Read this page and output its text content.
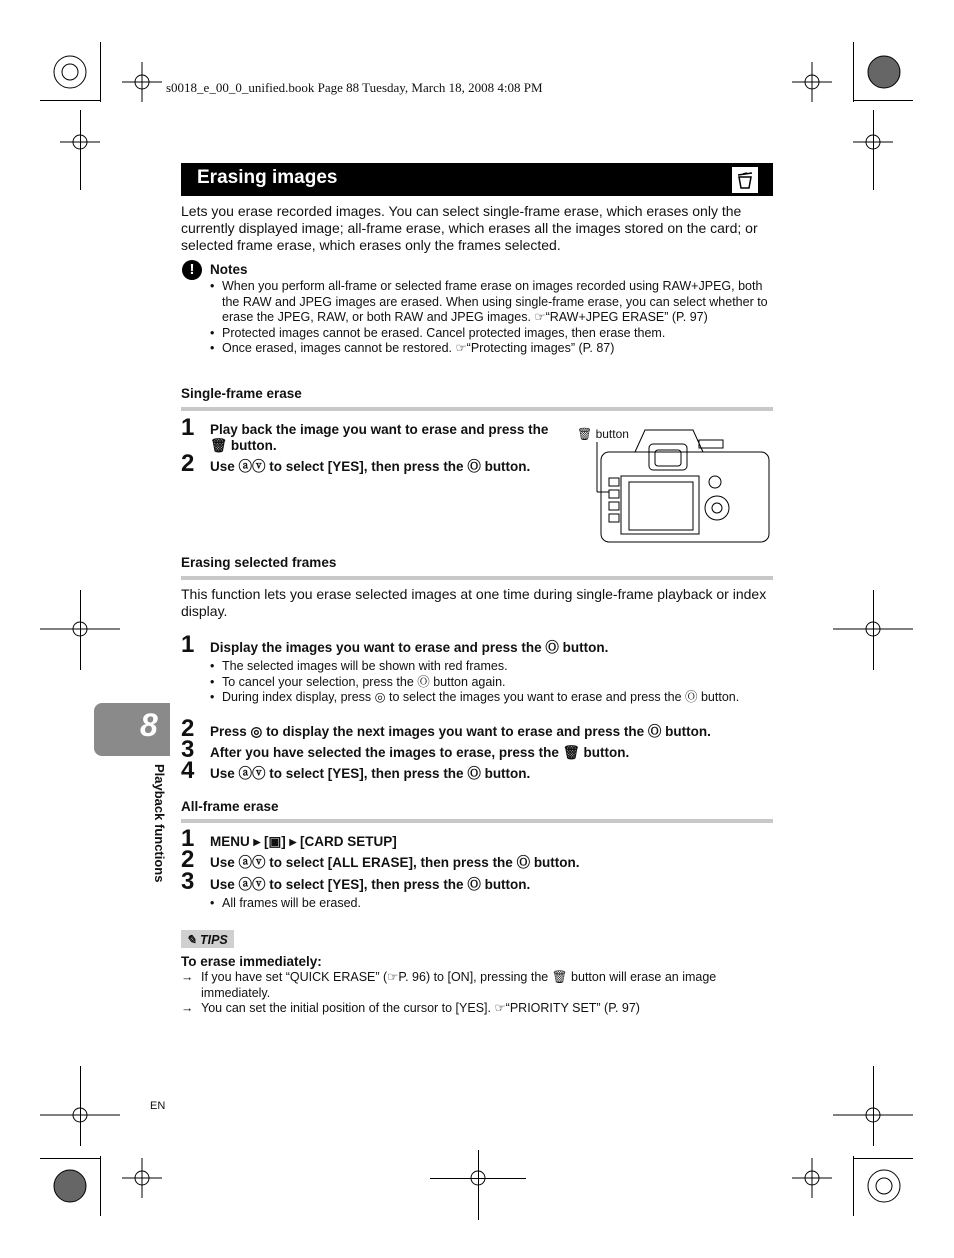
s0018_e_00_0_unified.book Page 88 Tuesday, March 18, 2008 4:08 PM
Erasing images
Lets you erase recorded images. You can select single-frame erase, which erases only the currently displayed image; all-frame erase, which erases all the images stored on the card; or selected frame erase, which erases only the frames selected.
!	Notes
• When you perform all-frame or selected frame erase on images recorded using RAW+JPEG, both the RAW and JPEG images are erased. When using single-frame erase, you can select whether to erase the JPEG, RAW, or both RAW and JPEG images. ☞“RAW+JPEG ERASE” (P. 97)
• Protected images cannot be erased. Cancel protected images, then erase them.
• Once erased, images cannot be restored. ☞“Protecting images” (P. 87)
Single-frame erase
1 Play back the image you want to erase and press the 🗑 button.
2 Use ⓐⓥ to select [YES], then press the Ⓞ button.
🗑 button
Erasing selected frames
This function lets you erase selected images at one time during single-frame playback or index display.
1 Display the images you want to erase and press the Ⓞ button.
• The selected images will be shown with red frames.
• To cancel your selection, press the Ⓞ button again.
• During index display, press ◎ to select the images you want to erase and press the Ⓞ button.
2 Press ◎ to display the next images you want to erase and press the Ⓞ button.
3 After you have selected the images to erase, press the 🗑 button.
4 Use ⓐⓥ to select [YES], then press the Ⓞ button.
All-frame erase
1 MENU ▸ [▣] ▸ [CARD SETUP]
2 Use ⓐⓥ to select [ALL ERASE], then press the Ⓞ button.
3 Use ⓐⓥ to select [YES], then press the Ⓞ button.
• All frames will be erased.
✎ TIPS
To erase immediately:
→ If you have set “QUICK ERASE” (☞P. 96) to [ON], pressing the 🗑 button will erase an image immediately.
→ You can set the initial position of the cursor to [YES]. ☞“PRIORITY SET” (P. 97)
8
Playback functions
EN
